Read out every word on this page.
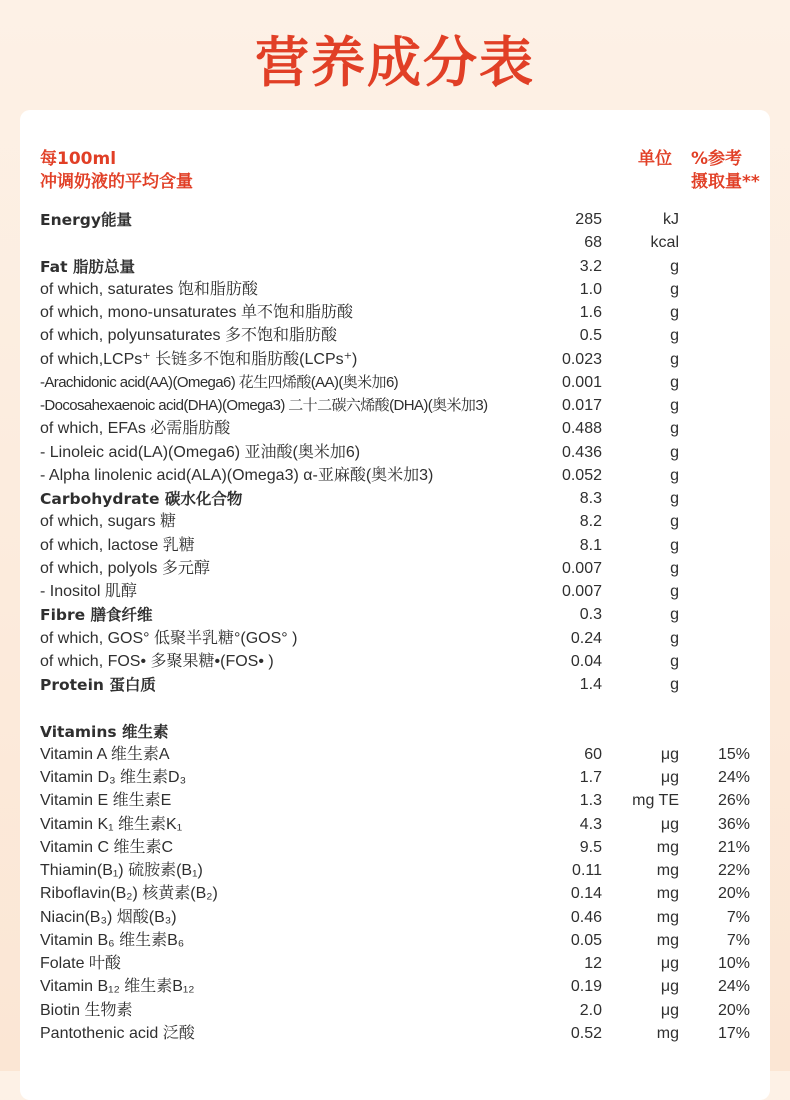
营养成分表
每100ml
冲调奶液的平均含量
单位 %参考
摄取量**
Energy能量	285	kJ
68	kcal
Fat 脂肪总量	3.2	g
of which, saturates 饱和脂肪酸	1.0	g
of which, mono-unsaturates 单不饱和脂肪酸	1.6	g
of which, polyunsaturates 多不饱和脂肪酸	0.5	g
of which,LCPs⁺ 长链多不饱和脂肪酸(LCPs⁺)	0.023	g
-Arachidonic acid(AA)(Omega6) 花生四烯酸(AA)(奥米加6)	0.001	g
-Docosahexaenoic acid(DHA)(Omega3) 二十二碳六烯酸(DHA)(奥米加3)	0.017	g
of which, EFAs 必需脂肪酸	0.488	g
- Linoleic acid(LA)(Omega6) 亚油酸(奥米加6)	0.436	g
- Alpha linolenic acid(ALA)(Omega3) α-亚麻酸(奥米加3)	0.052	g
Carbohydrate 碳水化合物	8.3	g
of which, sugars 糖	8.2	g
of which, lactose 乳糖	8.1	g
of which, polyols 多元醇	0.007	g
- Inositol 肌醇	0.007	g
Fibre 膳食纤维	0.3	g
of which, GOS° 低聚半乳糖°(GOS° )	0.24	g
of which, FOS• 多聚果糖•(FOS• )	0.04	g
Protein 蛋白质	1.4	g
Vitamins 维生素
Vitamin A 维生素A	60	μg 15%
Vitamin D₃ 维生素D₃	1.7	μg 24%
Vitamin E 维生素E	1.3 mg TE 26%
Vitamin K₁ 维生素K₁	4.3	μg 36%
Vitamin C 维生素C	9.5	mg 21%
Thiamin(B₁) 硫胺素(B₁)	0.11	mg 22%
Riboflavin(B₂) 核黄素(B₂)	0.14	mg 20%
Niacin(B₃) 烟酸(B₃)	0.46	mg	7%
Vitamin B₆ 维生素B₆	0.05	mg	7%
Folate 叶酸	12	μg 10%
Vitamin B₁₂ 维生素B₁₂	0.19	μg 24%
Biotin 生物素	2.0	μg 20%
Pantothenic acid 泛酸	0.52	mg 17%
